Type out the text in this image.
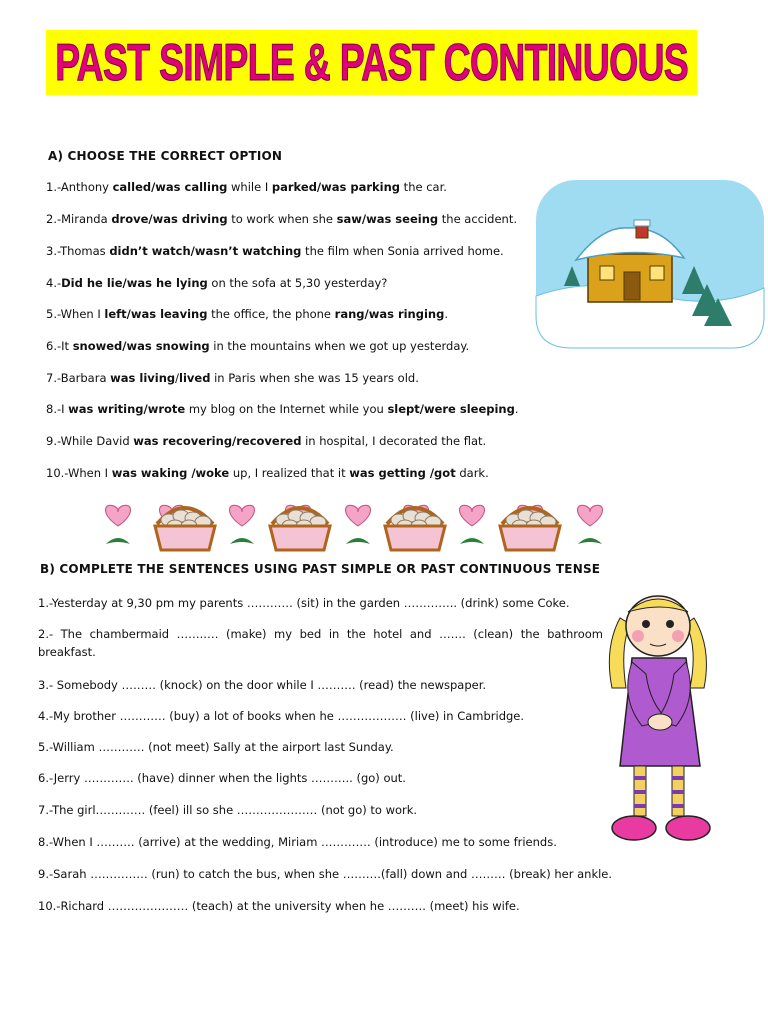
PAST SIMPLE & PAST CONTINUOUS
A) CHOOSE THE CORRECT OPTION
1.-Anthony called/was calling while I parked/was parking the car.
2.-Miranda drove/was driving to work when she saw/was seeing the accident.
3.-Thomas didn’t watch/wasn’t watching the film when Sonia arrived home.
4.-Did he lie/was he lying on the sofa at 5,30 yesterday?
5.-When I left/was leaving the office, the phone rang/was ringing.
6.-It snowed/was snowing in the mountains when we got up yesterday.
7.-Barbara was living/lived in Paris when she was 15 years old.
8.-I was writing/wrote my blog on the Internet while you slept/were sleeping.
9.-While David was recovering/recovered in hospital, I decorated the flat.
10.-When I was waking /woke up, I realized that it was getting /got dark.
B) COMPLETE THE SENTENCES USING PAST SIMPLE OR PAST CONTINUOUS TENSE
1.-Yesterday at 9,30 pm my parents ………… (sit) in the garden ………….. (drink) some Coke.
2.- The chambermaid ……..… (make) my bed in the hotel and ……. (clean) the bathroom
breakfast.
3.- Somebody ……… (knock) on the door while I ………. (read) the newspaper.
4.-My brother ………… (buy) a lot of books when he ……………… (live) in Cambridge.
5.-William ………… (not meet) Sally at the airport last Sunday.
6.-Jerry …………. (have) dinner when the lights ……….. (go) out.
7.-The girl…………. (feel) ill so she ………………… (not go) to work.
8.-When I ………. (arrive) at the wedding, Miriam …………. (introduce) me to some friends.
9.-Sarah …………… (run) to catch the bus, when she ……….(fall) down and ……… (break) her ankle.
10.-Richard ………………… (teach) at the university when he ………. (meet) his wife.
